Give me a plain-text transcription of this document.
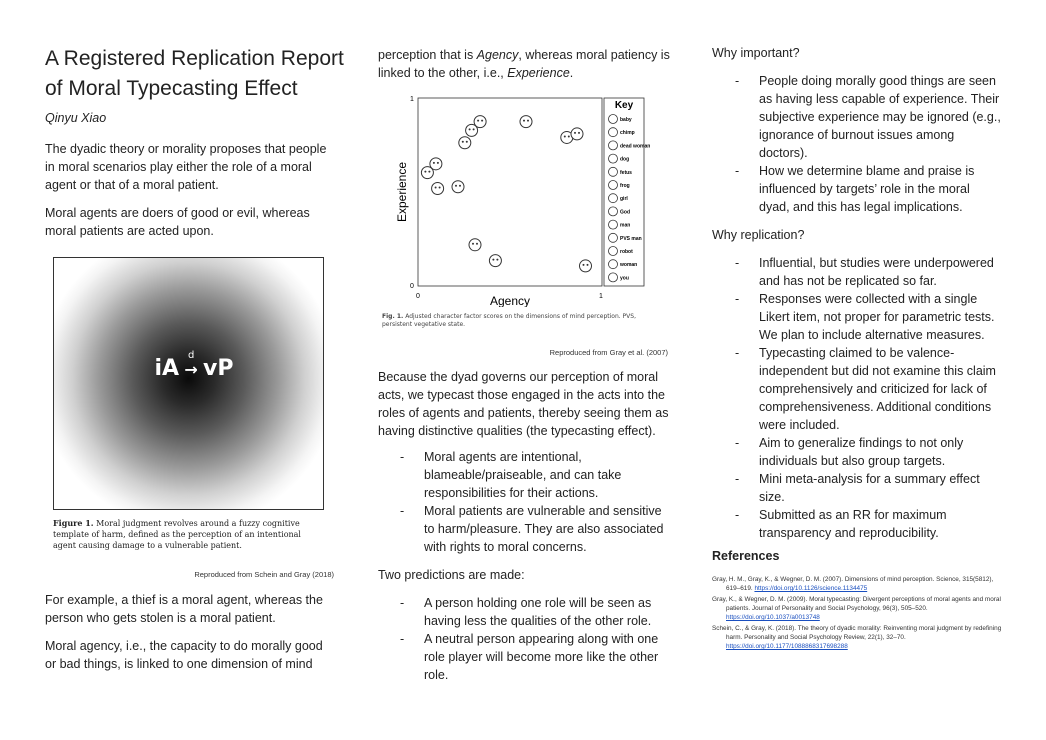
A Registered Replication Report of Moral Typecasting Effect
Qinyu Xiao
The dyadic theory or morality proposes that people in moral scenarios play either the role of a moral agent or that of a moral patient.
Moral agents are doers of good or evil, whereas moral patients are acted upon.
iA →
d
vP
Figure 1. Moral judgment revolves around a fuzzy cognitive template of harm, defined as the perception of an intentional agent causing damage to a vulnerable patient.
Reproduced from Schein and Gray (2018)
For example, a thief is a moral agent, whereas the person who gets stolen is a moral patient.
Moral agency, i.e., the capacity to do morally good or bad things, is linked to one dimension of mind
perception that is Agency, whereas moral patiency is linked to the other, i.e., Experience.
Key
1
0
0	1
Agency
Experience
baby
chimp
dead woman
dog
fetus
frog
girl
God
man
PVS man
robot
woman
you
Fig. 1. Adjusted character factor scores on the dimensions of mind perception. PVS, persistent vegetative state.
Reproduced from Gray et al. (2007)
Because the dyad governs our perception of moral acts, we typecast those engaged in the acts into the roles of agents and patients, thereby seeing them as having distinctive qualities (the typecasting effect).
- Moral agents are intentional, blameable/praiseable, and can take responsibilities for their actions.
- Moral patients are vulnerable and sensitive to harm/pleasure. They are also associated with rights to moral concerns.
Two predictions are made:
- A person holding one role will be seen as having less the qualities of the other role.
- A neutral person appearing along with one role player will become more like the other role.
Why important?
- People doing morally good things are seen as having less capable of experience. Their subjective experience may be ignored (e.g., ignorance of burnout issues among doctors).
- How we determine blame and praise is influenced by targets’ role in the moral dyad, and this has legal implications.
Why replication?
- Influential, but studies were underpowered and has not be replicated so far.
- Responses were collected with a single Likert item, not proper for parametric tests. We plan to include alternative measures.
- Typecasting claimed to be valence-independent but did not examine this claim comprehensively and criticized for lack of comprehensiveness. Additional conditions were included.
- Aim to generalize findings to not only individuals but also group targets.
- Mini meta-analysis for a summary effect size.
- Submitted as an RR for maximum transparency and reproducibility.
References
Gray, H. M., Gray, K., & Wegner, D. M. (2007). Dimensions of mind perception. Science, 315(5812), 619–619. https://doi.org/10.1126/science.1134475
Gray, K., & Wegner, D. M. (2009). Moral typecasting: Divergent perceptions of moral agents and moral patients. Journal of Personality and Social Psychology, 96(3), 505–520. https://doi.org/10.1037/a0013748
Schein, C., & Gray, K. (2018). The theory of dyadic morality: Reinventing moral judgment by redefining harm. Personality and Social Psychology Review, 22(1), 32–70. https://doi.org/10.1177/1088868317698288
